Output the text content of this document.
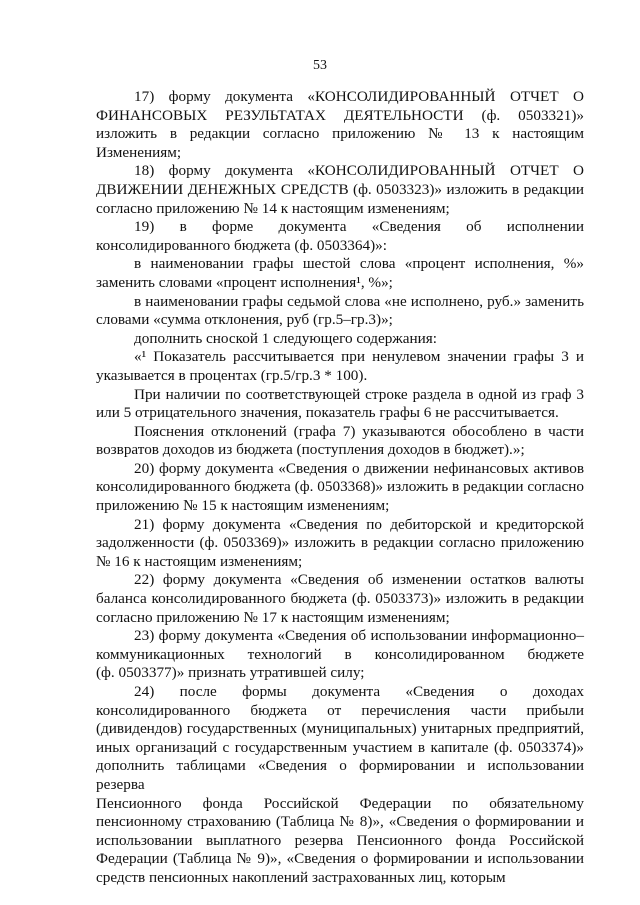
53
17) форму документа «КОНСОЛИДИРОВАННЫЙ ОТЧЕТ О
ФИНАНСОВЫХ РЕЗУЛЬТАТАХ ДЕЯТЕЛЬНОСТИ (ф. 0503321)»
изложить в редакции согласно приложению № 13 к настоящим
Изменениям;
18) форму документа «КОНСОЛИДИРОВАННЫЙ ОТЧЕТ О
ДВИЖЕНИИ ДЕНЕЖНЫХ СРЕДСТВ (ф. 0503323)» изложить в редакции
согласно приложению № 14 к настоящим изменениям;
19) в форме документа «Сведения об исполнении
консолидированного бюджета (ф. 0503364)»:
в наименовании графы шестой слова «процент исполнения, %»
заменить словами «процент исполнения¹, %»;
в наименовании графы седьмой слова «не исполнено, руб.» заменить
словами «сумма отклонения, руб (гр.5–гр.3)»;
дополнить сноской 1 следующего содержания:
«¹ Показатель рассчитывается при ненулевом значении графы 3 и
указывается в процентах (гр.5/гр.3 * 100).
При наличии по соответствующей строке раздела в одной из граф 3
или 5 отрицательного значения, показатель графы 6 не рассчитывается.
Пояснения отклонений (графа 7) указываются обособлено в части
возвратов доходов из бюджета (поступления доходов в бюджет).»;
20) форму документа «Сведения о движении нефинансовых активов
консолидированного бюджета (ф. 0503368)» изложить в редакции согласно
приложению № 15 к настоящим изменениям;
21) форму документа «Сведения по дебиторской и кредиторской
задолженности (ф. 0503369)» изложить в редакции согласно приложению
№ 16 к настоящим изменениям;
22) форму документа «Сведения об изменении остатков валюты
баланса консолидированного бюджета (ф. 0503373)» изложить в редакции
согласно приложению № 17 к настоящим изменениям;
23) форму документа «Сведения об использовании информационно–
коммуникационных технологий в консолидированном бюджете
(ф. 0503377)» признать утратившей силу;
24) после формы документа «Сведения о доходах
консолидированного бюджета от перечисления части прибыли
(дивидендов) государственных (муниципальных) унитарных предприятий,
иных организаций с государственным участием в капитале (ф. 0503374)»
дополнить таблицами «Сведения о формировании и использовании резерва
Пенсионного фонда Российской Федерации по обязательному
пенсионному страхованию (Таблица № 8)», «Сведения о формировании и
использовании выплатного резерва Пенсионного фонда Российской
Федерации (Таблица № 9)», «Сведения о формировании и использовании
средств пенсионных накоплений застрахованных лиц, которым
